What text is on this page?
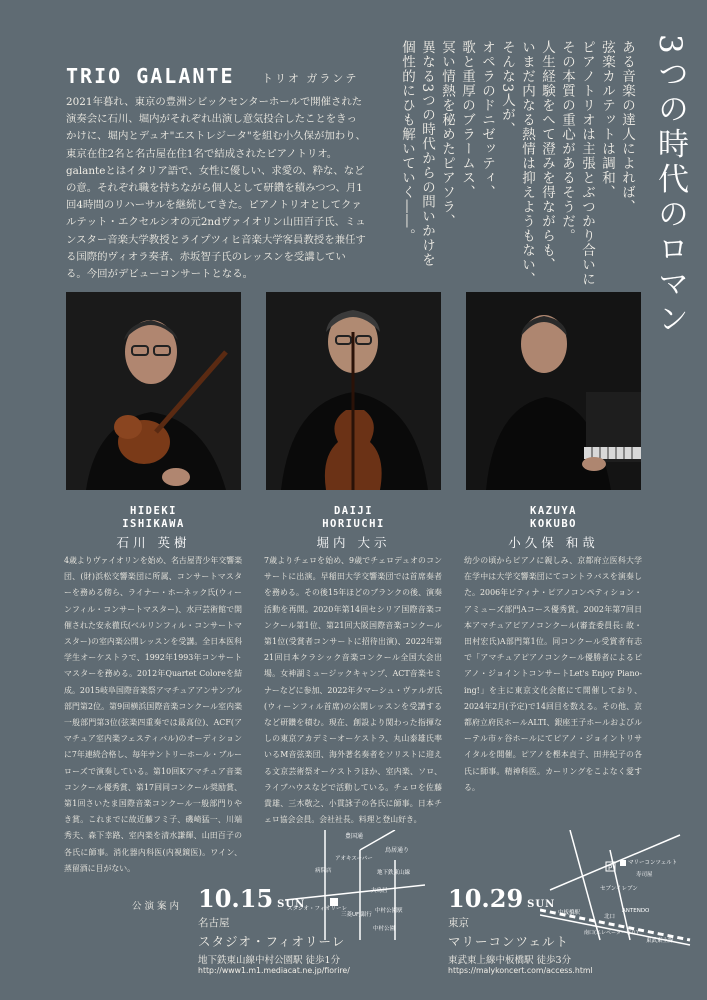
3つの時代のロマン
ある音楽の達人によれば、
弦楽カルテットは調和、
ピアノトリオは主張とぶつかり合いに
その本質の重心があるそうだ。
人生経験をへて澄みを得ながらも、
いまだ内なる熱情は抑えようもない、
そんな3人が、
オペラのドニゼッティ、
歌と重厚のブラームス、
冥い情熱を秘めたピアソラ、
異なる3つの時代からの問いかけを
個性的にひも解いていく――。
TRIO GALANTE	トリオ ガランテ
2021年暮れ、東京の豊洲シビックセンターホールで開催された演奏会に石川、堀内がそれぞれ出演し意気投合したことをきっかけに、堀内とデュオ"エストレジータ"を組む小久保が加わり、東京在住2名と名古屋在住1名で結成されたピアノトリオ。galanteとはイタリア語で、女性に優しい、求愛の、粋な、などの意。それぞれ職を持ちながら個人として研鑽を積みつつ、月1回4時間のリハーサルを継続してきた。ピアノトリオとしてクァルテット・エクセルシオの元2ndヴァイオリン山田百子氏、ミュンスター音楽大学教授とライプツィヒ音楽大学客員教授を兼任する国際的ヴィオラ奏者、赤坂智子氏のレッスンを受講している。今回がデビューコンサートとなる。
HIDEKI
ISHIKAWA
石川 英樹
DAIJI
HORIUCHI
堀内 大示
KAZUYA
KOKUBO
小久保 和哉
4歳よりヴァイオリンを始め、名古屋青少年交響楽団、(財)浜松交響楽団に所属、コンサートマスターを務める傍ら、ライナー・ホーネック氏(ウィーンフィル・コンサートマスター)、水戸芸術館で開催された安永徹氏(ベルリンフィル・コンサートマスター)の室内楽公開レッスンを受講。全日本医科学生オーケストラで、1992年1993年コンサートマスターを務める。2012年Quartet Coloreを結成。2015岐阜国際音楽祭アマチュアアンサンブル部門第2位。第9回横浜国際音楽コンクール室内楽一般部門第3位(弦楽四重奏では最高位)、ACF(アマチュア室内楽フェスティバル)のオーディションに7年連続合格し、毎年サントリーホール・ブルーローズで演奏している。第10回Kアマチュア音楽コンクール優秀賞、第17回同コンクール奨励賞、第1回さいたま国際音楽コンクール一般部門りやき賞。これまでに故近藤フミ子、磯崎猛一、川端秀夫、森下幸路、室内楽を清水謙輝、山田百子の各氏に師事。消化器内科医(内視鏡医)。ワイン、蒸留酒に目がない。
7歳よりチェロを始め、9歳でチェロデュオのコンサートに出演。早稲田大学交響楽団では首席奏者を務める。その後15年ほどのブランクの後、演奏活動を再開。2020年第14回セシリア国際音楽コンクール第1位、第21回大阪国際音楽コンクール第1位(受賞者コンサートに招待出演)、2022年第21回日本クラシック音楽コンクール全国大会出場。女神湖ミュージックキャンプ、ACT音楽セミナーなどに参加、2022年タマーシュ・ヴァルガ氏(ウィーンフィル首席)の公開レッスンを受講するなど研鑽を積む。現在、創設より関わった指揮なしの東京アカデミーオーケストラ、丸山泰雄氏率いるM音弦楽団、海外著名奏者をソリストに迎える文京芸術祭オーケストラほか、室内楽、ソロ、ライブハウスなどで活動している。チェロを佐藤貴雄、三木敬之、小貫詠子の各氏に師事。日本チェロ協会会員。会社社長。料理と登山好き。
幼少の頃からピアノに親しみ、京都府立医科大学在学中は大学交響楽団にてコントラバスを演奏した。2006年ピティナ・ピアノコンペティション・アミューズ部門Aコース優秀賞。2002年第7回日本アマチュアピアノコンクール(審査委員長: 故・田村宏氏)A部門第1位。同コンクール受賞者有志で「アマチュアピアノコンクール優勝者によるピアノ・ジョイントコンサートLet's Enjoy Piano-ing!」を主に東京文化会館にて開催しており、2024年2月(予定)で14回目を数える。その他、京都府立府民ホールALTI、銀座王子ホールおよびルーテル市ヶ谷ホールにてピアノ・ジョイントリサイタルを開催。ピアノを樫本貞子、田井紀子の各氏に師事。精神科医。カーリングをこよなく愛する。
公演案内 10.15 SUN
名古屋
スタジオ・フィオリーレ
地下鉄東山線中村公園駅 徒歩1分
http://www1.m1.mediacat.ne.jp/fiorire/
10.29 SUN
東京
マリーコンツェルト
東武東上線中板橋駅 徒歩3分
https://malykoncert.com/access.html
豊国通
鳥居通り
アオキスーパー
病院店
スタジオ・フィオリーレ
地下鉄東山線
大鳥居
三菱UFJ銀行
中村公園駅
中村公園
P
マリーコンツェルト
寿司屋
セブンイレブン
ANTENDO
北口
中板橋駅
東武東上線
南口(エレベーター有り)
